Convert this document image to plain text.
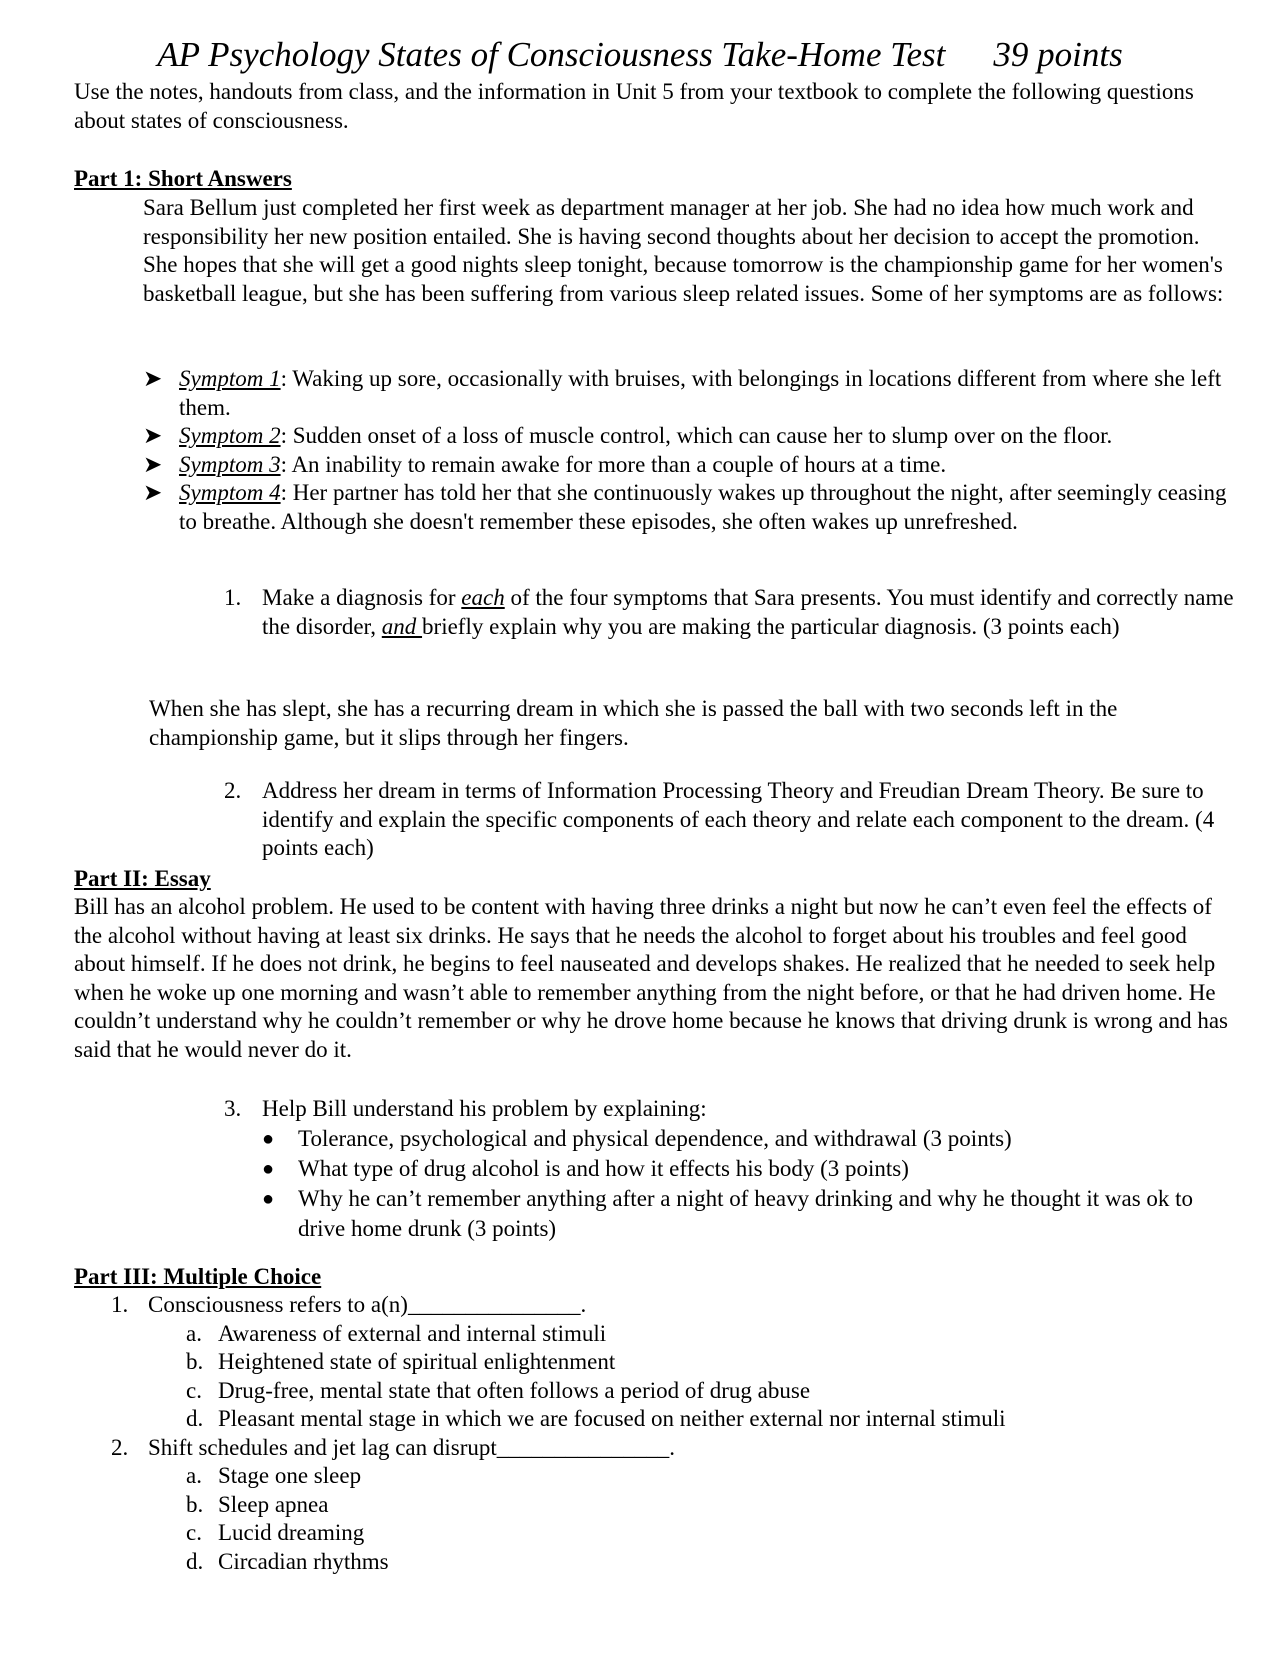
AP Psychology States of Consciousness Take-Home Test 39 points
Use the notes, handouts from class, and the information in Unit 5 from your textbook to complete the following questions about states of consciousness.
Part 1: Short Answers
Sara Bellum just completed her first week as department manager at her job. She had no idea how much work and responsibility her new position entailed. She is having second thoughts about her decision to accept the promotion. She hopes that she will get a good nights sleep tonight, because tomorrow is the championship game for her women's basketball league, but she has been suffering from various sleep related issues. Some of her symptoms are as follows:
➤ Symptom 1: Waking up sore, occasionally with bruises, with belongings in locations different from where she left them.
➤ Symptom 2: Sudden onset of a loss of muscle control, which can cause her to slump over on the floor.
➤ Symptom 3: An inability to remain awake for more than a couple of hours at a time.
➤ Symptom 4: Her partner has told her that she continuously wakes up throughout the night, after seemingly ceasing to breathe. Although she doesn't remember these episodes, she often wakes up unrefreshed.
1. Make a diagnosis for each of the four symptoms that Sara presents. You must identify and correctly name the disorder, and briefly explain why you are making the particular diagnosis. (3 points each)
When she has slept, she has a recurring dream in which she is passed the ball with two seconds left in the championship game, but it slips through her fingers.
2. Address her dream in terms of Information Processing Theory and Freudian Dream Theory. Be sure to identify and explain the specific components of each theory and relate each component to the dream. (4 points each)
Part II: Essay
Bill has an alcohol problem. He used to be content with having three drinks a night but now he can’t even feel the effects of the alcohol without having at least six drinks. He says that he needs the alcohol to forget about his troubles and feel good about himself. If he does not drink, he begins to feel nauseated and develops shakes. He realized that he needed to seek help when he woke up one morning and wasn’t able to remember anything from the night before, or that he had driven home. He couldn’t understand why he couldn’t remember or why he drove home because he knows that driving drunk is wrong and has said that he would never do it.
3. Help Bill understand his problem by explaining:
●	Tolerance, psychological and physical dependence, and withdrawal (3 points)
●	What type of drug alcohol is and how it effects his body (3 points)
●	Why he can’t remember anything after a night of heavy drinking and why he thought it was ok to drive home drunk (3 points)
Part III: Multiple Choice
1. Consciousness refers to a(n)_______________.
a. Awareness of external and internal stimuli
b. Heightened state of spiritual enlightenment
c. Drug-free, mental state that often follows a period of drug abuse
d. Pleasant mental stage in which we are focused on neither external nor internal stimuli
2. Shift schedules and jet lag can disrupt_______________.
a. Stage one sleep
b. Sleep apnea
c. Lucid dreaming
d. Circadian rhythms
